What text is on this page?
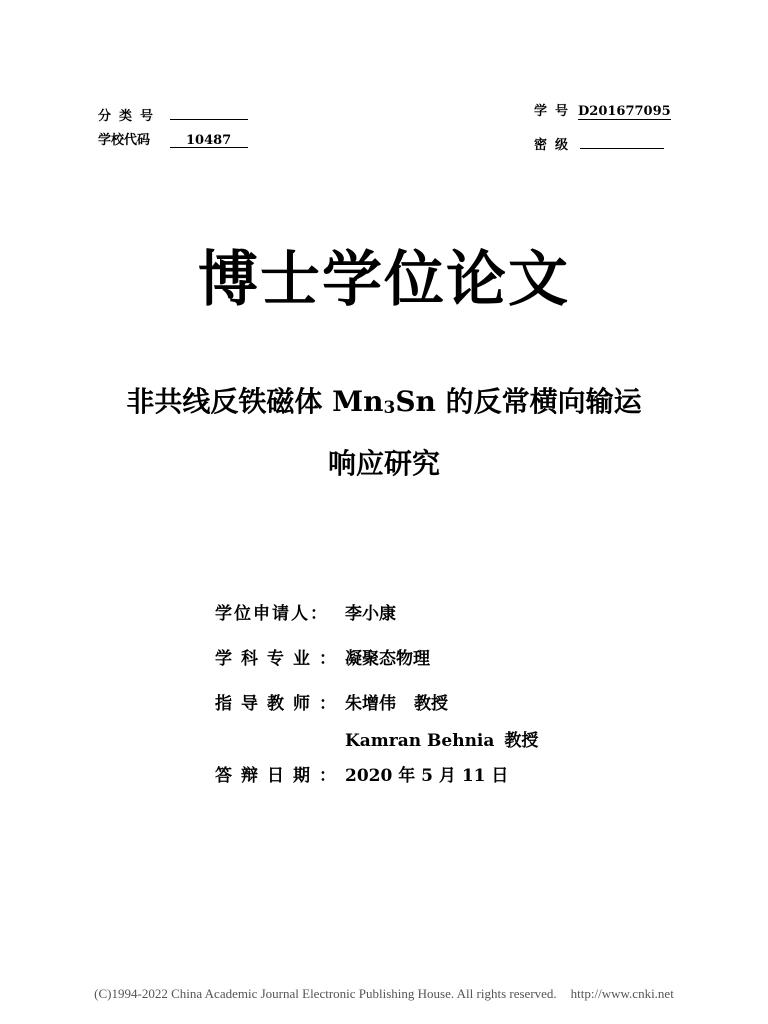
分类号
学校代码	10487
学号 D201677095
密级
博士学位论文
非共线反铁磁体 Mn3Sn 的反常横向输运
响应研究
学位申请人： 李小康
学科专业：凝聚态物理
指导教师：朱增伟 教授
Kamran Behnia 教授
答辩日期：2020 年 5 月 11 日
(C)1994-2022 China Academic Journal Electronic Publishing House. All rights reserved. http://www.cnki.net
